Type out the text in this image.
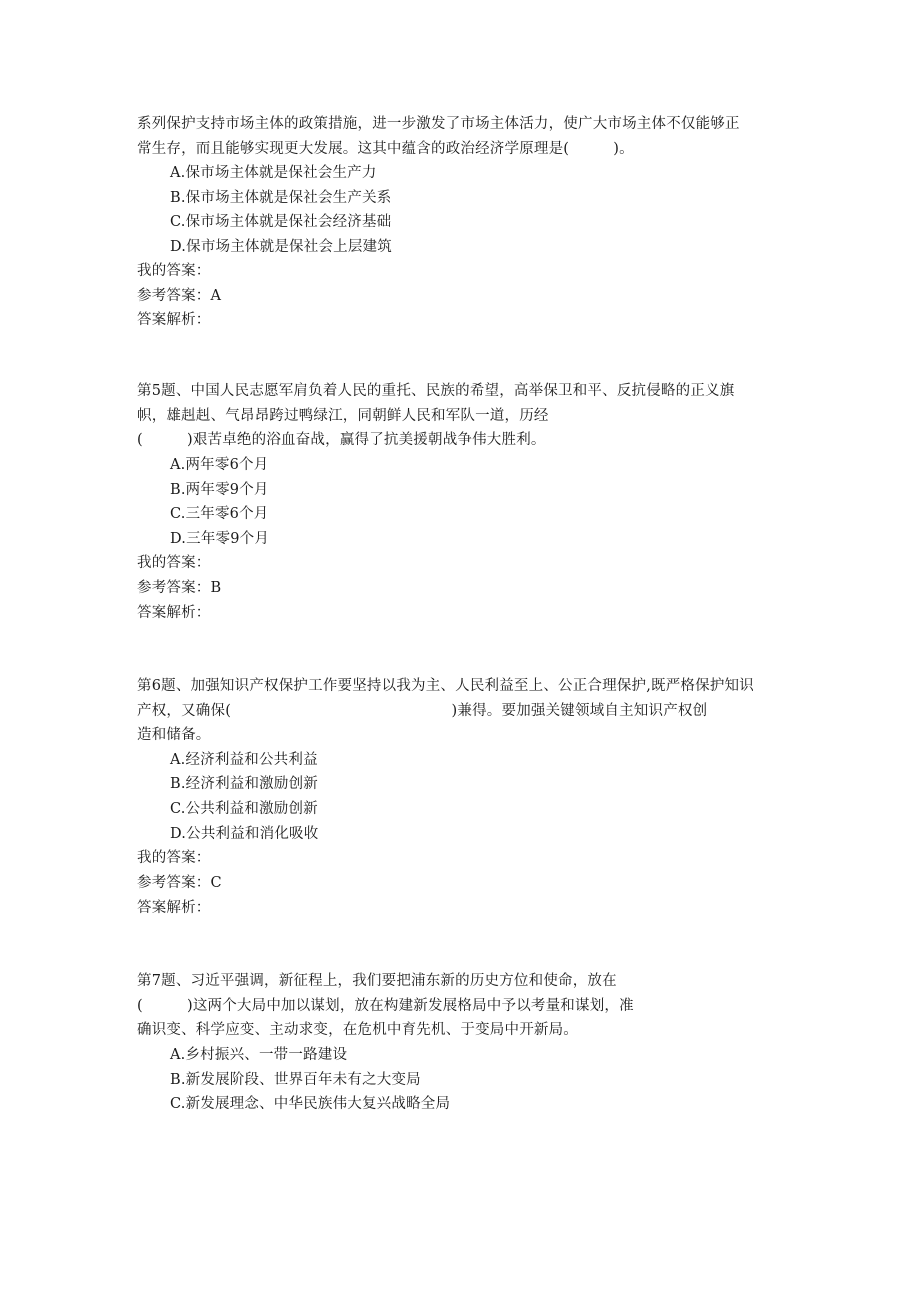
系列保护支持市场主体的政策措施，进一步激发了市场主体活力，使广大市场主体不仅能够正
常生存，而且能够实现更大发展。这其中蕴含的政治经济学原理是(　　　)。
A.保市场主体就是保社会生产力
B.保市场主体就是保社会生产关系
C.保市场主体就是保社会经济基础
D.保市场主体就是保社会上层建筑
我的答案：
参考答案：A
答案解析：
第5题、中国人民志愿军肩负着人民的重托、民族的希望，高举保卫和平、反抗侵略的正义旗
帜，雄赳赳、气昂昂跨过鸭绿江，同朝鲜人民和军队一道，历经
(　　　)艰苦卓绝的浴血奋战，赢得了抗美援朝战争伟大胜利。
A.两年零6个月
B.两年零9个月
C.三年零6个月
D.三年零9个月
我的答案：
参考答案：B
答案解析：
第6题、加强知识产权保护工作要坚持以我为主、人民利益至上、公正合理保护,既严格保护知识
产权，又确保(　　　　　　　　　　　　　　　)兼得。要加强关键领域自主知识产权创
造和储备。
A.经济利益和公共利益
B.经济利益和激励创新
C.公共利益和激励创新
D.公共利益和消化吸收
我的答案：
参考答案：C
答案解析：
第7题、习近平强调，新征程上，我们要把浦东新的历史方位和使命，放在
(　　　)这两个大局中加以谋划，放在构建新发展格局中予以考量和谋划，准
确识变、科学应变、主动求变，在危机中育先机、于变局中开新局。
A.乡村振兴、一带一路建设
B.新发展阶段、世界百年未有之大变局
C.新发展理念、中华民族伟大复兴战略全局
